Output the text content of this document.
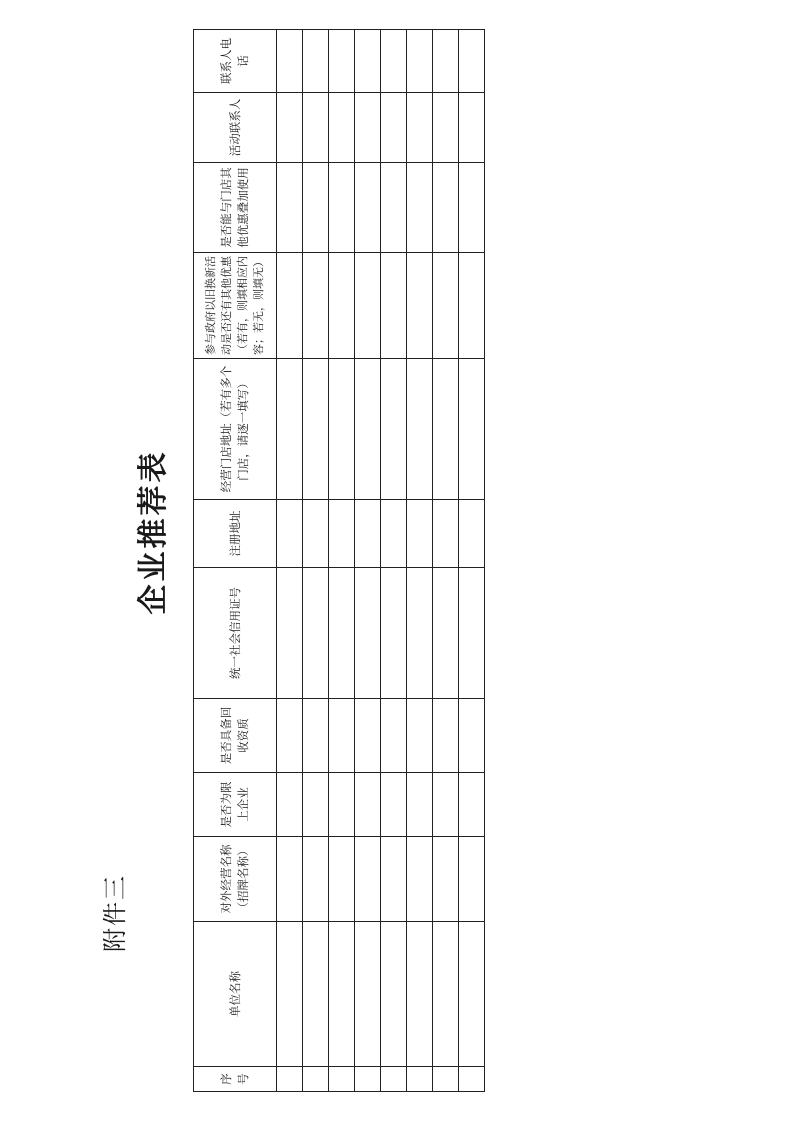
附件三
企业推荐表
序号	单位名称	对外经营名称（招牌名称）	是否为限上企业	是否具备回收资质	统一社会信用证号	注册地址	经营门店地址（若有多个门店，请逐一填写）	参与政府以旧换新活动是否还有其他优惠（若有，则填相应内容；若无，则填无）	是否能与门店其他优惠叠加使用	活动联系人	联系人电话
